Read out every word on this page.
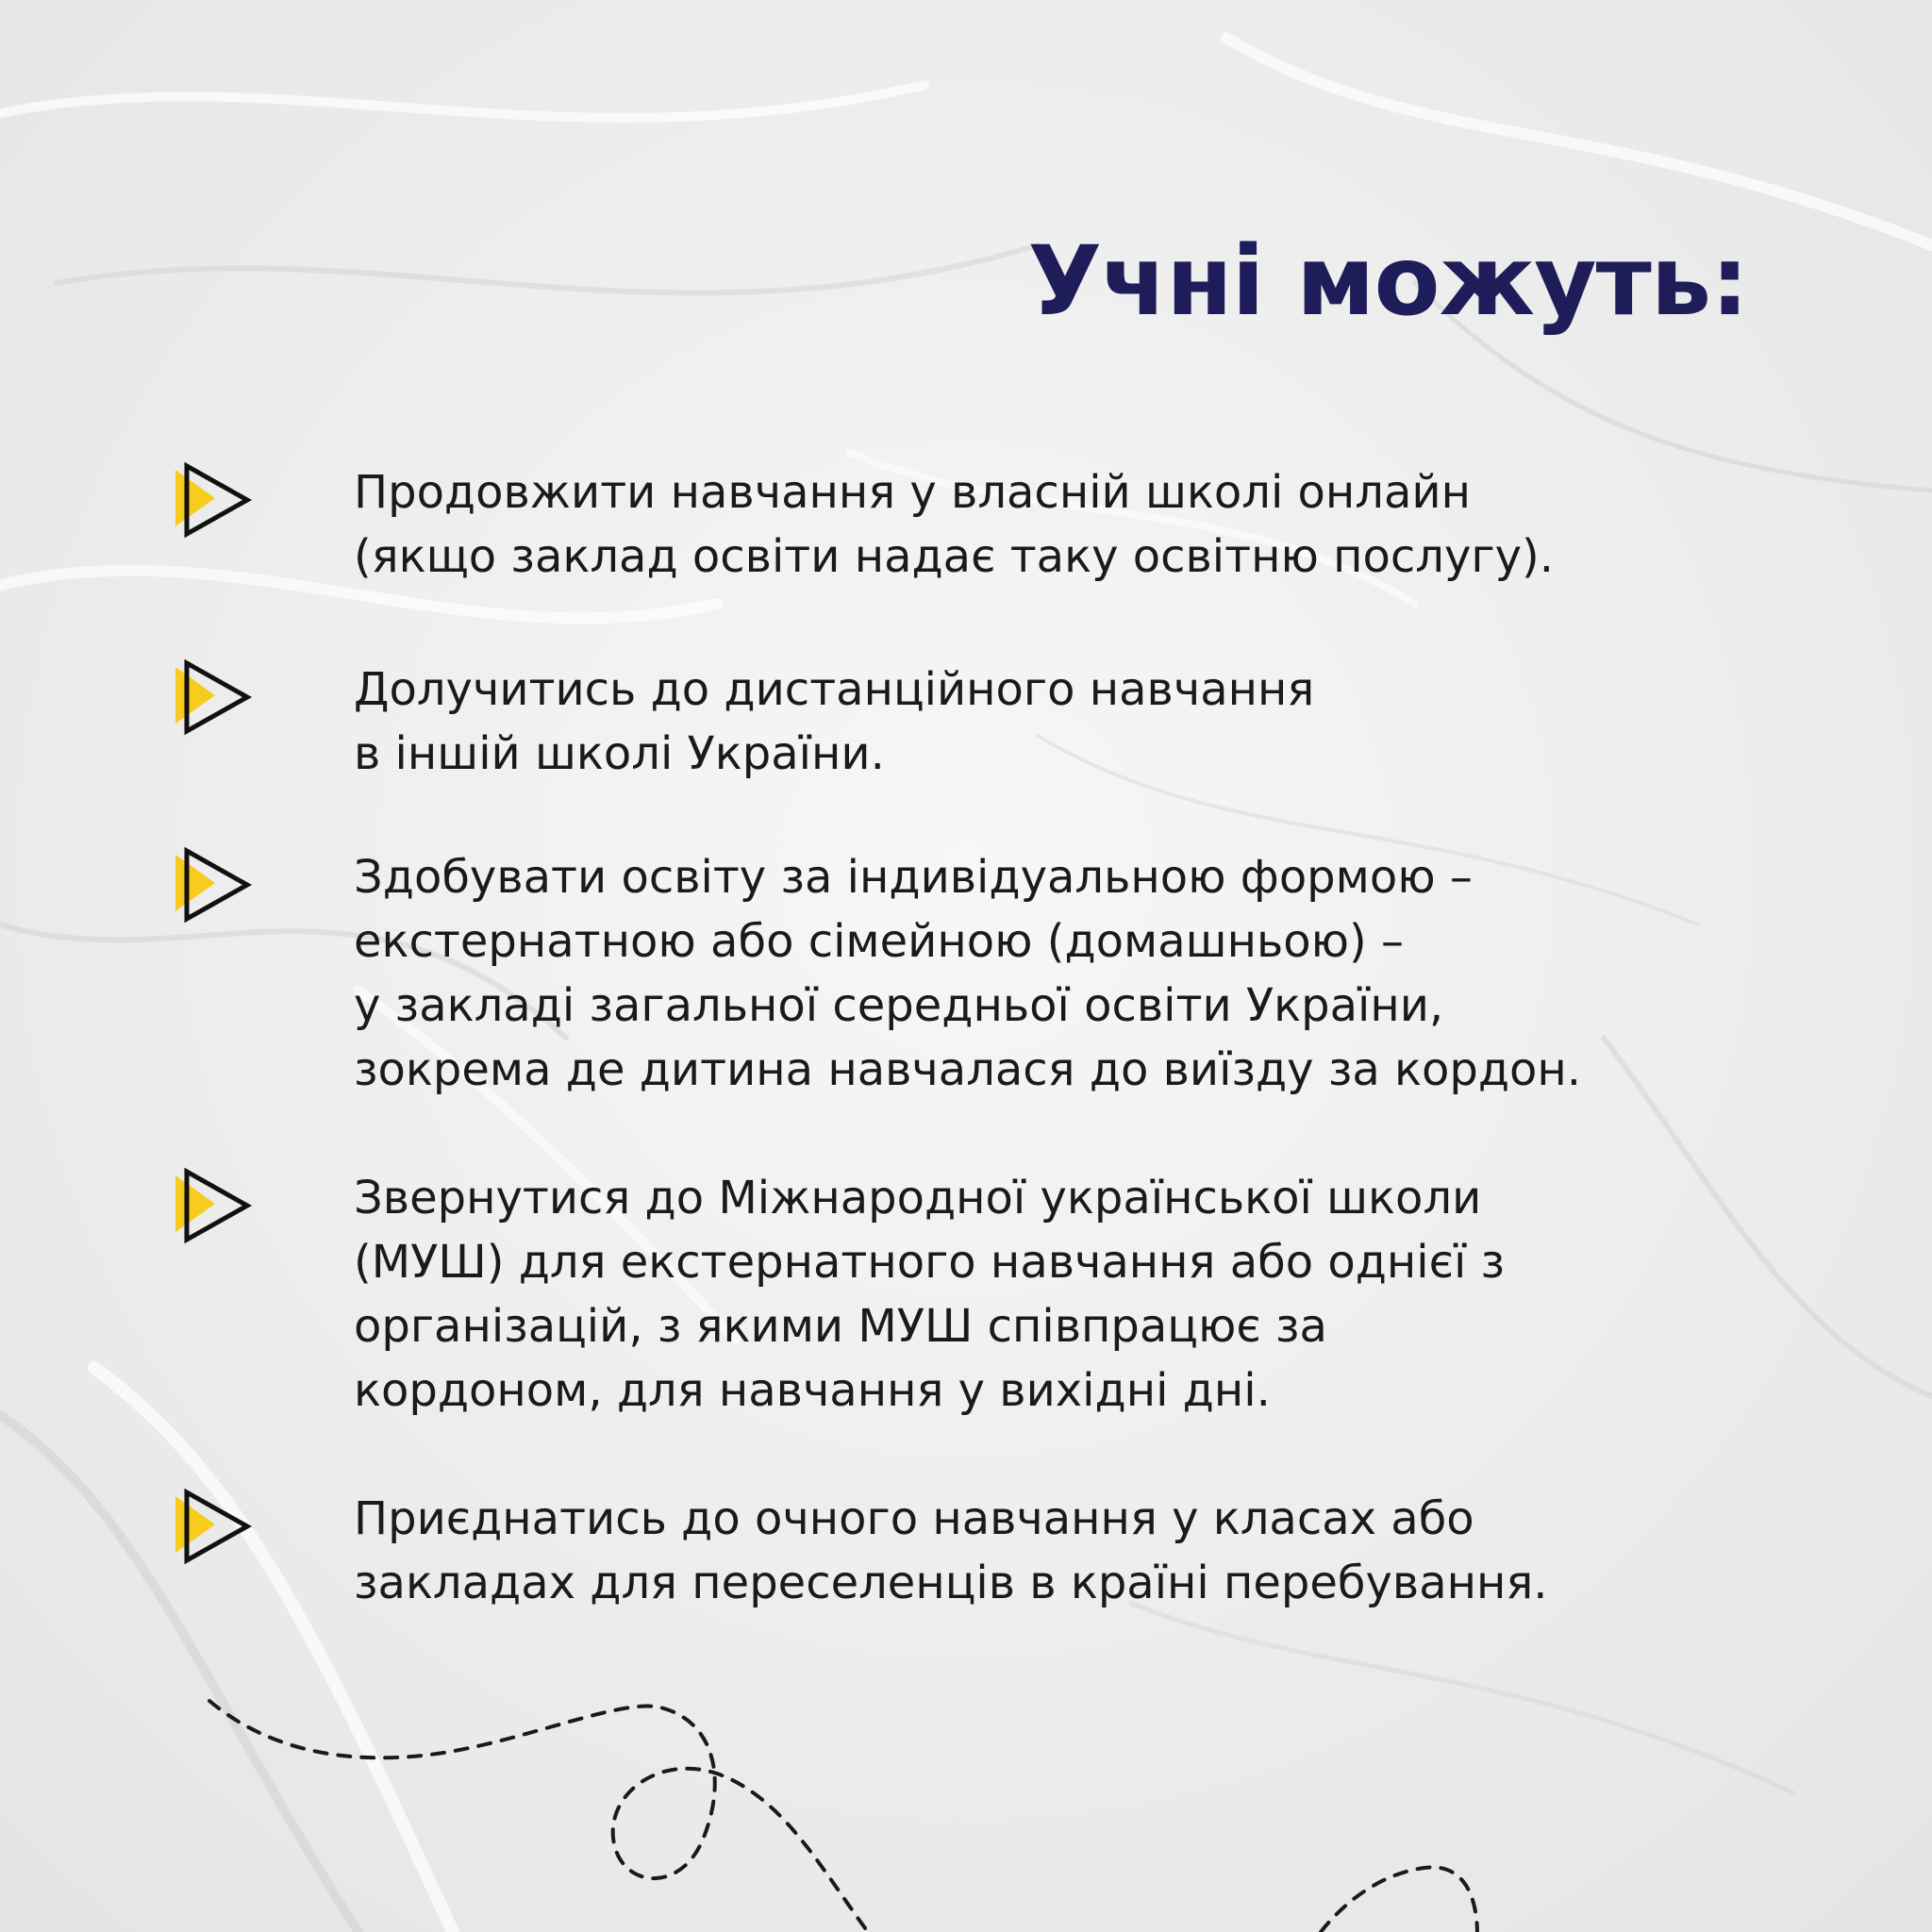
Учні можуть:

Продовжити навчання у власній школі онлайн
(якщо заклад освіти надає таку освітню послугу).

Долучитись до дистанційного навчання
в іншій школі України.

Здобувати освіту за індивідуальною формою –
екстернатною або сімейною (домашньою) –
у закладі загальної середньої освіти України,
зокрема де дитина навчалася до виїзду за кордон.

Звернутися до Міжнародної української школи
(МУШ) для екстернатного навчання або однієї з
організацій, з якими МУШ співпрацює за
кордоном, для навчання у вихідні дні.

Приєднатись до очного навчання у класах або
закладах для переселенців в країні перебування.
